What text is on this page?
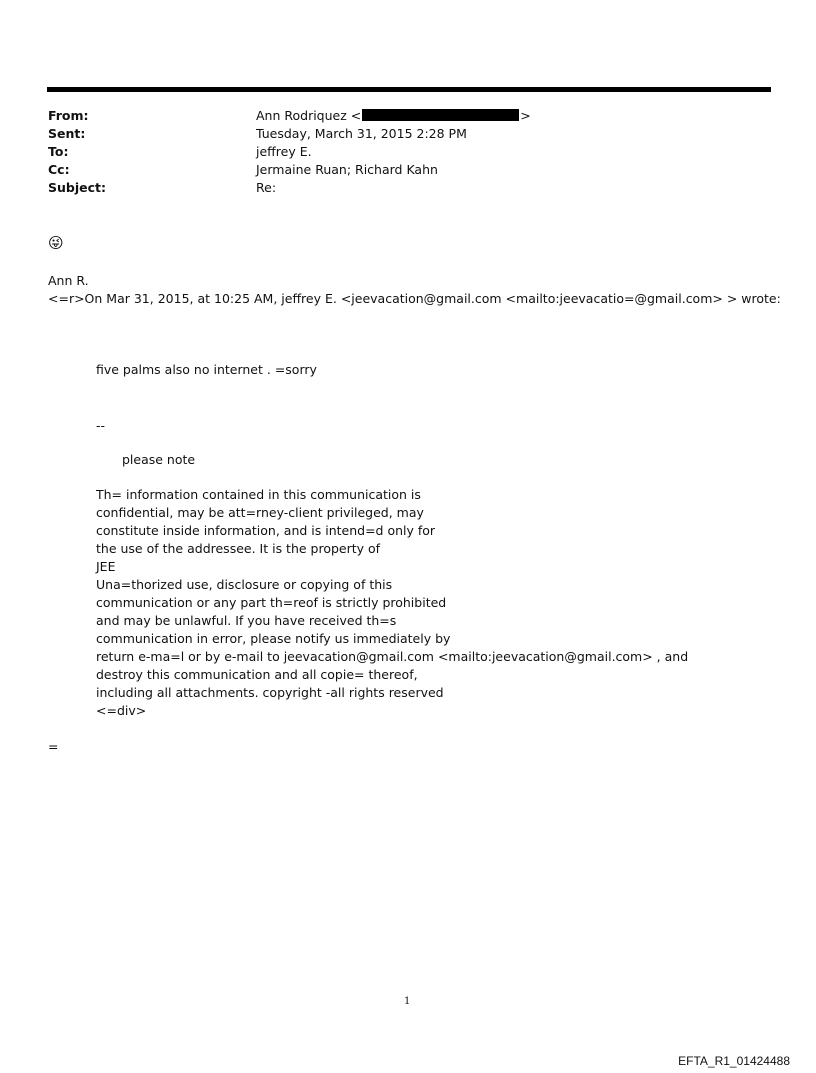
From:	Ann Rodriquez <	>
Sent:	Tuesday, March 31, 2015 2:28 PM
To:	jeffrey E.
Cc:	Jermaine Ruan; Richard Kahn
Subject:	Re:
😜
Ann R.
<=r>On Mar 31, 2015, at 10:25 AM, jeffrey E. <jeevacation@gmail.com <mailto:jeevacatio=@gmail.com> > wrote:
five palms also no internet . =sorry
--
please note
Th= information contained in this communication is
confidential, may be att=rney-client privileged, may
constitute inside information, and is intend=d only for
the use of the addressee. It is the property of
JEE
Una=thorized use, disclosure or copying of this
communication or any part th=reof is strictly prohibited
and may be unlawful. If you have received th=s
communication in error, please notify us immediately by
return e-ma=l or by e-mail to jeevacation@gmail.com <mailto:jeevacation@gmail.com> , and
destroy this communication and all copie= thereof,
including all attachments. copyright -all rights reserved
<=div>
=
1
EFTA_R1_01424488
